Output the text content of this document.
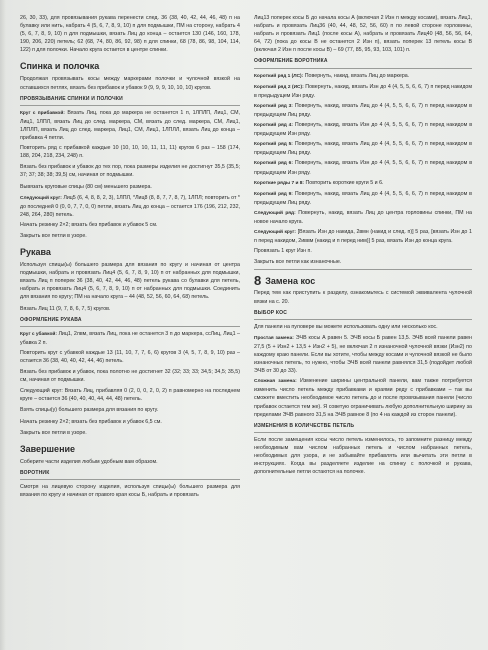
26, 30, 33), для провязывания рукава перенести след. 36 (38, 40, 42, 44, 46, 48) п на булавку или нить, набрать 4 (5, 6, 7, 8, 9, 10) п для подмышки, ПМ на сторону, набрать 4 (5, 6, 7, 8, 9, 10) п для подмышки, вязать Лиц до конца – остается 130 (146, 160, 178, 190, 206, 220) петель; 62 (68, 74, 80, 86, 92, 98) п для спинки, 68 (78, 86, 98, 104, 114, 122) п для полочки. Начало круга остается в центре спинки.

Спинка и полочка

Продолжая провязывать косы между маркерами полочки и чулочной вязкой на оставшихся петлях, вязать без прибавок и убавок 9 (9, 9, 9, 10, 10, 10) кругов.

ПРОВЯЗЫВАНИЕ СПИНКИ И ПОЛОЧКИ

Круг с прибавкой: Вязать Лиц, пока до маркера не останется 1 п, 1ЛПЛП, Лиц1, СМ, Лиц1, 1ЛПЛ, вязать Лиц до след. маркера, СМ, вязать до след. маркера, СМ, Лиц1, 1ЛПЛП, вязать Лиц до след. маркера, Лиц1, СМ, Лиц1, 1ЛПЛЛ, вязать Лиц до конца – прибавка 4 петли.

Повторить ряд с прибавкой каждые 10 (10, 10, 10, 11, 11, 11) кругов 6 раз – 158 (174, 188, 204, 218, 234, 248) п.

Вязать без прибавок и убавок до тех пор, пока размеры изделия не достигнут 35,5 (35,5; 37; 37; 38; 38; 39,5) см, начиная от подмышки.

Вывязать круговые спицы (80 см) меньшего размера.

Следующий круг: Лиц5 (6, 4, 8, 8, 2, 3), 1ЛПЛ, *Лиц8 (8, 8, 7, 7, 8, 7), 1ЛПЛ; повторить от * до последней 0 (0, 0, 7, 7, 0, 0) петли, вязать Лиц до конца – остается 176 (196, 212, 232, 248, 264, 280) петель.

Начать резинку 2×2; вязать без прибавок и убавок 5 см.

Закрыть все петли в узоре.

Рукава

Используя спицы(ы) большего размера для вязания по кругу и начиная от центра подмышки, набрать и провязать Лиц4 (5, 6, 7, 8, 9, 10) п от набранных для подмышки, вязать Лиц п поперек 36 (38, 40, 42, 44, 46, 48) петель рукава со булавки для петель, набрать и провязать Лиц4 (5, 6, 7, 8, 9, 10) п от набранных для подмышки. Соединить для вязания по кругу; ПМ на начало круга – 44 (48, 52, 56, 60, 64, 68) петель.

Вязать Лиц 11 (9, 7, 8, 6, 7, 5) кругов.

ОФОРМЛЕНИЕ РУКАВА

Круг с убавкой: Лиц1, 2лвм, вязать Лиц, пока не останется 3 п до маркера, ссЛиц, Лиц1 – убавка 2 п.

Повторить круг с убавкой каждые 13 (11, 10, 7, 7, 6, 6) кругов 3 (4, 5, 7, 8, 9, 10) раз – остается 36 (38, 40, 40, 42, 44, 46) петель.

Вязать без прибавок и убавок, пока полотно не достигнет 32 (32; 33; 33; 34,5; 34,5; 35,5) см, начиная от подмышки.

Следующий круг: Вязать Лиц, прибавляя 0 (2, 0, 0, 2, 0, 2) п равномерно на последнем круге – остается 36 (40, 40, 40, 44, 44, 48) петель.

Взять спицы(у) большего размера для вязания по кругу.

Начать резинку 2×2; вязать без прибавок и убавок 6,5 см.

Закрыть все петли в узоре.

Завершение

Соберите части изделия любым удобным вам образом.

ВОРОТНИК

Смотря на лицевую сторону изделия, используя спицы(ы) большего размера для вязания по кругу и начиная от правого края косы Б, набрать и провязать

Лиц13 поперек косы Б до начала косы А (включая 2 Изн п между косами), вязать Лиц1, набрать и провязать Лиц36 (40, 44, 48, 52, 56, 60) п по левой стороне горловины, набрать и провязать Лиц1 (после косы А), набрать и провязать Лиц40 (48, 56, 56, 64, 64, 72) (пока до косы В не останется 2 Изн п), вязать поперек 13 петель косы В (включая 2 Изн п после косы В) – 69 (77, 85, 95, 93, 103, 101) п.

ОФОРМЛЕНИЕ ВОРОТНИКА

Короткий ряд 1 (ЛС): Повернуть, накид, вязать Лиц до маркера.

Короткий ряд 2 (ИС): Повернуть, накид, вязать Изн до 4 (4, 5, 5, 6, 6, 7) п перед накидом в предыдущем Изн ряду.

Короткий ряд 3: Повернуть, накид, вязать Лиц до 4 (4, 5, 5, 6, 6, 7) п перед накидом в предыдущем Лиц ряду.

Короткий ряд 4: Повернуть, накид, вязать Изн до 4 (4, 5, 5, 6, 6, 7) п перед накидом в предыдущем Изн ряду.

Короткий ряд 5: Повернуть, накид, вязать Лиц до 4 (4, 5, 5, 6, 6, 7) п перед накидом в предыдущем Лиц ряду.

Короткий ряд 6: Повернуть, накид, вязать Изн до 4 (4, 5, 5, 6, 6, 7) п перед накидом в предыдущем Изн ряду.

Короткие ряды 7 и 8: Повторить короткие круги 5 и 6.

Короткий ряд 9: Повернуть, накид, вязать Лиц до 4 (4, 5, 5, 6, 6, 7) п перед накидом в предыдущем Лиц ряду.

Следующий ряд: Повернуть, накид, вязать Лиц до центра горловины спинки, ПМ на новое начало круга.

Следующий круг: [Вязать Изн до накида, 2вмн (накид и след. п)] 5 раз, [вязать Изн до 1 п перед накидом, 2иввм (накид и п перед ним)] 5 раз, вязать Изн до конца круга.

Провязать 1 круг Изн п.

Закрыть все петли как изнаночные.

8 Замена кос

Перед тем как приступить к разделу, ознакомьтесь с системой эквивалента чулочной вязки на с. 20.

ВЫБОР КОС

Для панели на пуловере вы можете использовать одну или несколько кос.

Простая замена: ЭЧВ косы А равен 5. ЭЧВ косы Б равен 13,5. ЭЧВ всей панели равен 27,5 (5 + Изн2 + 13,5 + Изн2 + 5), не включая 2 п изнаночной чулочной вязки (Изн2) по каждому краю панели. Если вы хотите, чтобы между косами и чулочной вязкой не было изнаночных петель, то нужно, чтобы ЭЧВ всей панели равнялся 31,5 (подойдет любой ЭЧВ от 30 до 33).

Сложная замена: Изменение ширины центральной панели, вам также потребуется изменить число петель между прибавками и краями реду с прибавками – так вы сможете вместить необходимое число петель до и после провязывания панели (число прибавок остается тем же). Я советую ограничивать любую дополнительную ширину за пределами ЭЧВ равного 31,5 на ЭЧВ равное 8 (по 4 на каждой из сторон панели).

ИЗМЕНЕНИЯ В КОЛИЧЕСТВЕ ПЕТЕЛЬ

Если после замещения косы число петель изменилось, то запомните разницу между необходимым вам числом набранных петель и числом набранных петель, необходимых для узора, и не забывайте прибавлять или вычитать эти петли в инструкциях. Когда вы разделяете изделие на спинку с полочкой и рукава, дополнительные петли остаются на полочке.
